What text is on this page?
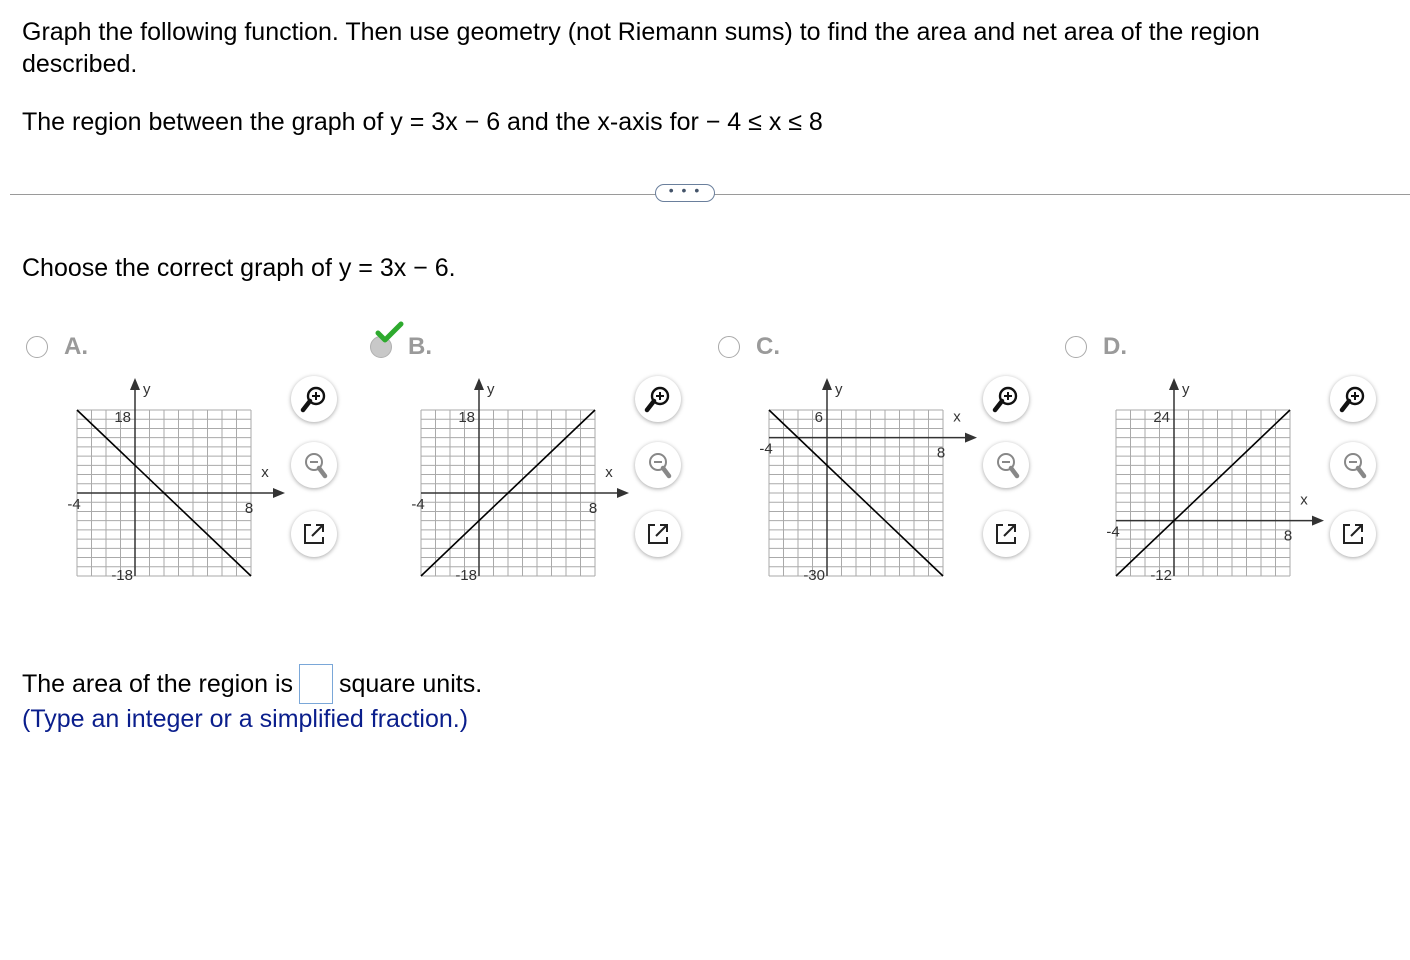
Graph the following function. Then use geometry (not Riemann sums) to find the area and net area of the region described.
The region between the graph of y = 3x − 6 and the x-axis for − 4 ≤ x ≤ 8
• • •
Choose the correct graph of y = 3x − 6.
A.
y
18
-18
-4	8
x
B.
y
18
-18
-4	8
x
C.
y
6
-30
-4	8
x
D.
y
24
-12
-4	8
x
The area of the region is square units.
(Type an integer or a simplified fraction.)
